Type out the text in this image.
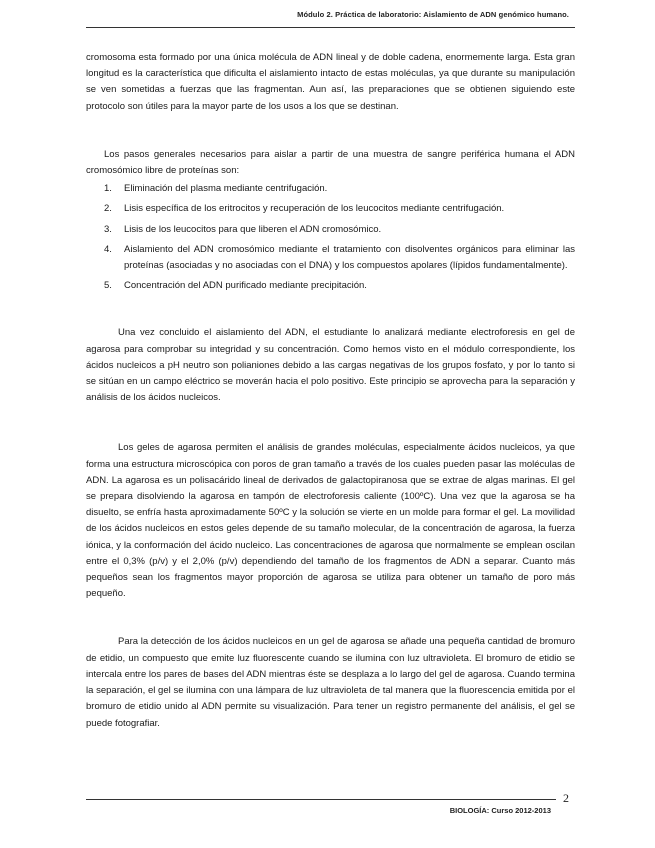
Módulo 2. Práctica de laboratorio: Aislamiento de ADN genómico humano.

cromosoma esta formado por una única molécula de ADN lineal y de doble cadena, enormemente larga. Esta gran longitud es la característica que dificulta el aislamiento intacto de estas moléculas, ya que durante su manipulación se ven sometidas a fuerzas que las fragmentan. Aun así, las preparaciones que se obtienen siguiendo este protocolo son útiles para la mayor parte de los usos a los que se destinan.

Los pasos generales necesarios para aislar a partir de una muestra de sangre periférica humana el ADN cromosómico libre de proteínas son:

1. Eliminación del plasma mediante centrifugación.
2. Lisis específica de los eritrocitos y recuperación de los leucocitos mediante centrifugación.
3. Lisis de los leucocitos para que liberen el ADN cromosómico.
4. Aislamiento del ADN cromosómico mediante el tratamiento con disolventes orgánicos para eliminar las proteínas (asociadas y no asociadas con el DNA) y los compuestos apolares (lípidos fundamentalmente).
5. Concentración del ADN purificado mediante precipitación.

Una vez concluido el aislamiento del ADN, el estudiante lo analizará mediante electroforesis en gel de agarosa para comprobar su integridad y su concentración. Como hemos visto en el módulo correspondiente, los ácidos nucleicos a pH neutro son polianiones debido a las cargas negativas de los grupos fosfato, y por lo tanto si se sitúan en un campo eléctrico se moverán hacia el polo positivo. Este principio se aprovecha para la separación y análisis de los ácidos nucleicos.

Los geles de agarosa permiten el análisis de grandes moléculas, especialmente ácidos nucleicos, ya que forma una estructura microscópica con poros de gran tamaño a través de los cuales pueden pasar las moléculas de ADN. La agarosa es un polisacárido lineal de derivados de galactopiranosa que se extrae de algas marinas. El gel se prepara disolviendo la agarosa en tampón de electroforesis caliente (100ºC). Una vez que la agarosa se ha disuelto, se enfría hasta aproximadamente 50ºC y la solución se vierte en un molde para formar el gel. La movilidad de los ácidos nucleicos en estos geles depende de su tamaño molecular, de la concentración de agarosa, la fuerza iónica, y la conformación del ácido nucleico. Las concentraciones de agarosa que normalmente se emplean oscilan entre el 0,3% (p/v) y el 2,0% (p/v) dependiendo del tamaño de los fragmentos de ADN a separar. Cuanto más pequeños sean los fragmentos mayor proporción de agarosa se utiliza para obtener un tamaño de poro más pequeño.

Para la detección de los ácidos nucleicos en un gel de agarosa se añade una pequeña cantidad de bromuro de etidio, un compuesto que emite luz fluorescente cuando se ilumina con luz ultravioleta. El bromuro de etidio se intercala entre los pares de bases del ADN mientras éste se desplaza a lo largo del gel de agarosa. Cuando termina la separación, el gel se ilumina con una lámpara de luz ultravioleta de tal manera que la fluorescencia emitida por el bromuro de etidio unido al ADN permite su visualización. Para tener un registro permanente del análisis, el gel se puede fotografiar.

2
BIOLOGÍA: Curso 2012-2013
